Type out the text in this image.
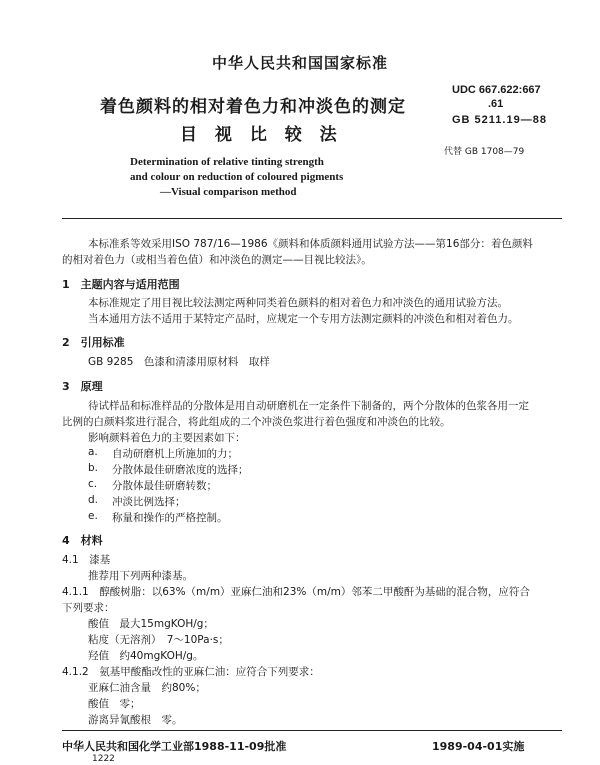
中华人民共和国国家标准
着色颜料的相对着色力和冲淡色的测定
目 视 比 较 法
UDC 667.622:667
.61
GB 5211.19—88
代替 GB 1708—79
Determination of relative tinting strength
and colour on reduction of coloured pigments
—Visual comparison method
本标准系等效采用ISO 787/16—1986《颜料和体质颜料通用试验方法——第16部分：着色颜料
的相对着色力（或相当着色值）和冲淡色的测定——目视比较法》。
1　主题内容与适用范围
本标准规定了用目视比较法测定两种同类着色颜料的相对着色力和冲淡色的通用试验方法。
当本通用方法不适用于某特定产品时，应规定一个专用方法测定颜料的冲淡色和相对着色力。
2　引用标准
GB 9285　色漆和清漆用原材料　取样
3　原理
待试样品和标准样品的分散体是用自动研磨机在一定条件下制备的，两个分散体的色浆各用一定
比例的白颜料浆进行混合，将此组成的二个冲淡色浆进行着色强度和冲淡色的比较。
影响颜料着色力的主要因素如下：
a. 自动研磨机上所施加的力；
b. 分散体最佳研磨浓度的选择；
c. 分散体最佳研磨转数；
d. 冲淡比例选择；
e. 称量和操作的严格控制。
4　材料
4.1　漆基
推荐用下列两种漆基。
4.1.1　醇酸树脂：以63%（m/m）亚麻仁油和23%（m/m）邻苯二甲酸酐为基础的混合物，应符合
下列要求：
酸值　最大15mgKOH/g；
粘度（无溶剂）　7～10Pa·s；
羟值　约40mgKOH/g。
4.1.2　氨基甲酸酯改性的亚麻仁油：应符合下列要求：
亚麻仁油含量　约80%；
酸值　零；
游离异氰酸根　零。
中华人民共和国化学工业部1988-11-09批准	1989-04-01实施
1222
